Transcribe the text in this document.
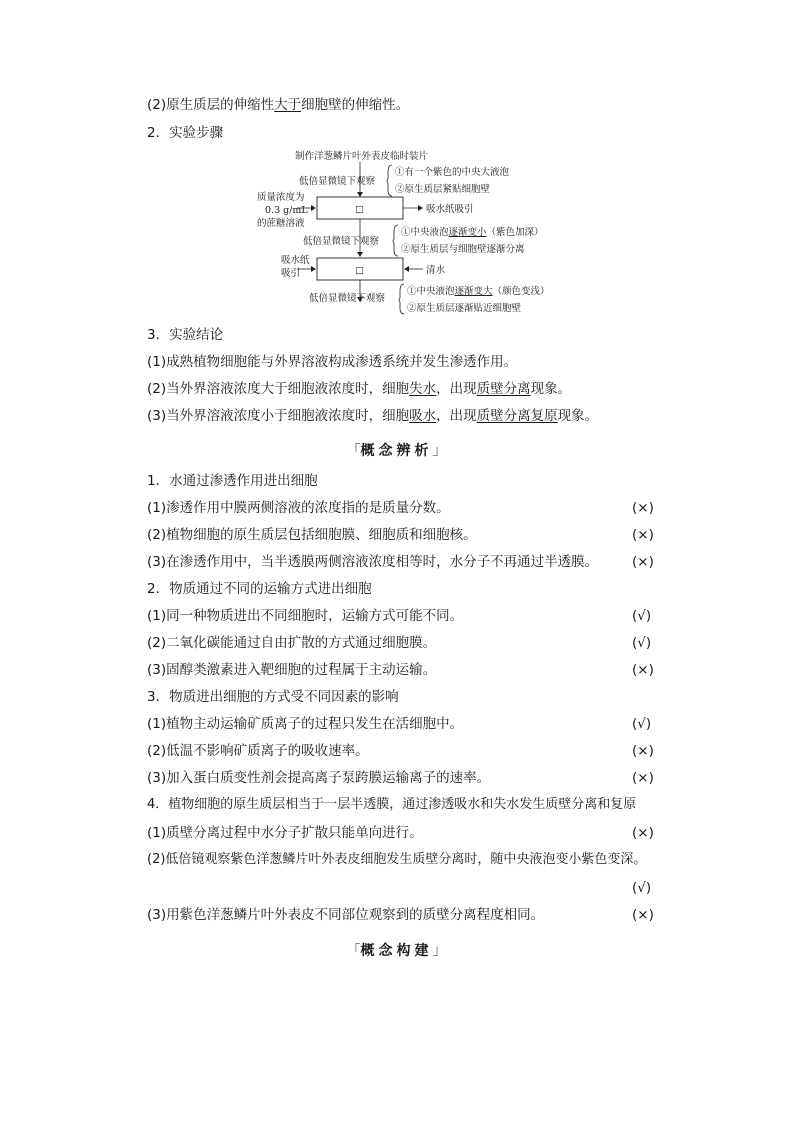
(2)原生质层的伸缩性大于细胞壁的伸缩性。
2．实验步骤
制作洋葱鳞片叶外表皮临时装片
低倍显微镜下观察
①有一个紫色的中央大液泡
②原生质层紧贴细胞壁
□
质量浓度为
0.3 g/mL
的蔗糖溶液
吸水纸吸引
低倍显微镜下观察
①中央液泡逐渐变小（紫色加深）
②原生质层与细胞壁逐渐分离
□
吸水纸
吸引	清水
低倍显微镜下观察
①中央液泡逐渐变大（颜色变浅）
②原生质层逐渐贴近细胞壁
3．实验结论
(1)成熟植物细胞能与外界溶液构成渗透系统并发生渗透作用。
(2)当外界溶液浓度大于细胞液浓度时，细胞失水，出现质壁分离现象。
(3)当外界溶液浓度小于细胞液浓度时，细胞吸水，出现质壁分离复原现象。
「概念辨析」
1．水通过渗透作用进出细胞
(1)渗透作用中膜两侧溶液的浓度指的是质量分数。	(×)
(2)植物细胞的原生质层包括细胞膜、细胞质和细胞核。	(×)
(3)在渗透作用中，当半透膜两侧溶液浓度相等时，水分子不再通过半透膜。	(×)
2．物质通过不同的运输方式进出细胞
(1)同一种物质进出不同细胞时，运输方式可能不同。	(√)
(2)二氧化碳能通过自由扩散的方式通过细胞膜。	(√)
(3)固醇类激素进入靶细胞的过程属于主动运输。	(×)
3．物质进出细胞的方式受不同因素的影响
(1)植物主动运输矿质离子的过程只发生在活细胞中。	(√)
(2)低温不影响矿质离子的吸收速率。	(×)
(3)加入蛋白质变性剂会提高离子泵跨膜运输离子的速率。	(×)
4．植物细胞的原生质层相当于一层半透膜，通过渗透吸水和失水发生质壁分离和复原
(1)质壁分离过程中水分子扩散只能单向进行。	(×)
(2)低倍镜观察紫色洋葱鳞片叶外表皮细胞发生质壁分离时，随中央液泡变小紫色变深。
(√)
(3)用紫色洋葱鳞片叶外表皮不同部位观察到的质壁分离程度相同。	(×)
「概念构建」
